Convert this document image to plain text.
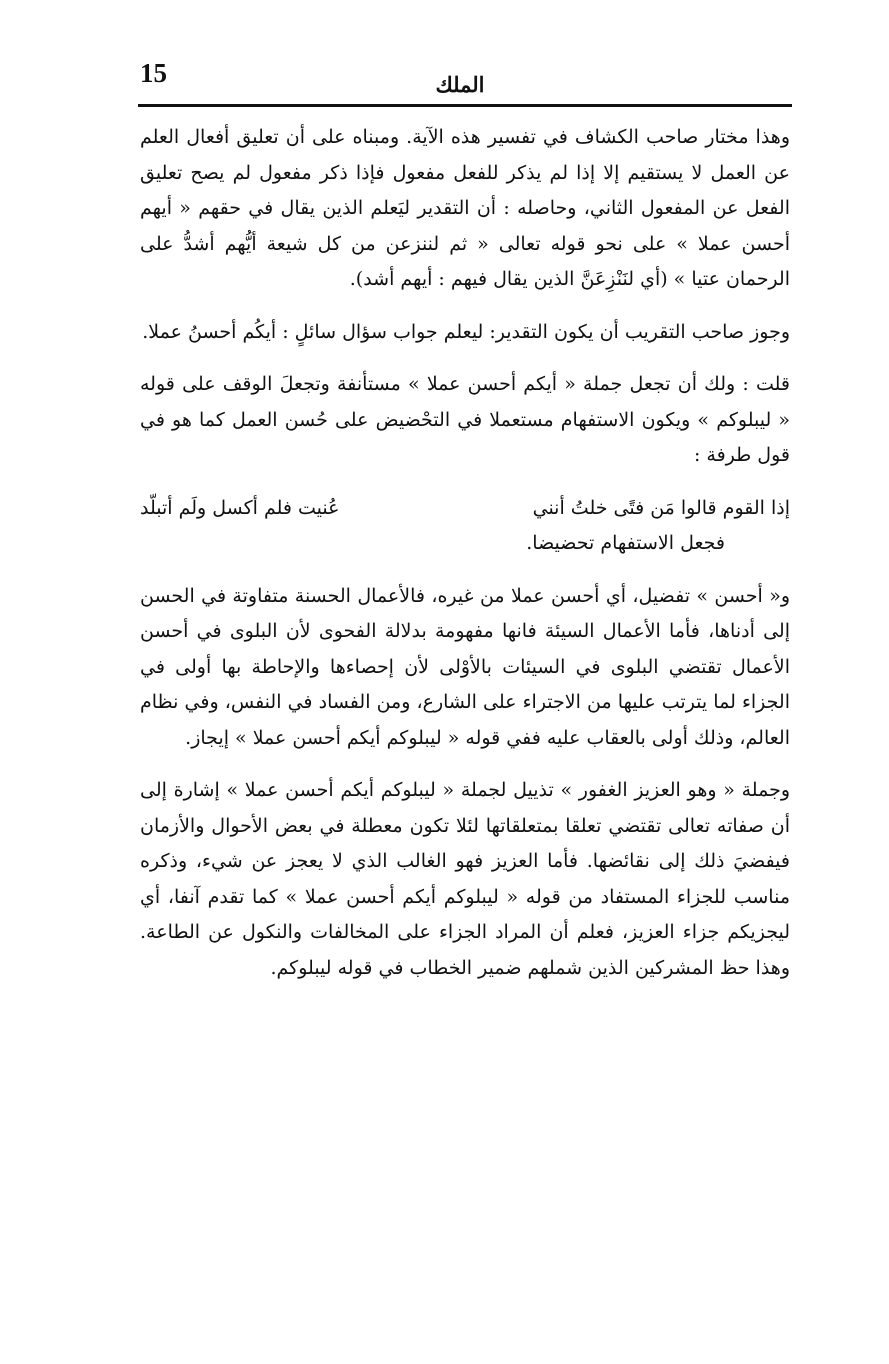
15	الملك

وهذا مختار صاحب الكشاف في تفسير هذه الآية. ومبناه على أن تعليق أفعال العلم عن العمل لا يستقيم إلا إذا لم يذكر للفعل مفعول فإذا ذكر مفعول لم يصح تعليق الفعل عن المفعول الثاني، وحاصله : أن التقدير ليَعلم الذين يقال في حقهم « أيهم أحسن عملا » على نحو قوله تعالى « ثم لننزعن من كل شيعة أيُّهم أشدُّ على الرحمان عتيا » (أي لنَنْزِعَنَّ الذين يقال فيهم : أيهم أشد).

وجوز صاحب التقريب أن يكون التقدير: ليعلم جواب سؤال سائلٍ : أيكُم أحسنُ عملا.

قلت : ولك أن تجعل جملة « أيكم أحسن عملا » مستأنفة وتجعلَ الوقف على قوله « ليبلوكم » ويكون الاستفهام مستعملا في التحْضيض على حُسن العمل كما هو في قول طرفة :

إذا القوم قالوا مَن فتًى خلتُ أنني
عُنيت فلم أكسل ولَم أتبلّد

فجعل الاستفهام تحضيضا.

و« أحسن » تفضيل، أي أحسن عملا من غيره، فالأعمال الحسنة متفاوتة في الحسن إلى أدناها، فأما الأعمال السيئة فانها مفهومة بدلالة الفحوى لأن البلوى في أحسن الأعمال تقتضي البلوى في السيئات بالأوْلى لأن إحصاءها والإحاطة بها أولى في الجزاء لما يترتب عليها من الاجتراء على الشارع، ومن الفساد في النفس، وفي نظام العالم، وذلك أولى بالعقاب عليه ففي قوله « ليبلوكم أيكم أحسن عملا » إيجاز.

وجملة « وهو العزيز الغفور » تذييل لجملة « ليبلوكم أيكم أحسن عملا » إشارة إلى أن صفاته تعالى تقتضي تعلقا بمتعلقاتها لئلا تكون معطلة في بعض الأحوال والأزمان فيفضيَ ذلك إلى نقائضها. فأما العزيز فهو الغالب الذي لا يعجز عن شيء، وذكره مناسب للجزاء المستفاد من قوله « ليبلوكم أيكم أحسن عملا » كما تقدم آنفا، أي ليجزيكم جزاء العزيز، فعلم أن المراد الجزاء على المخالفات والنكول عن الطاعة. وهذا حظ المشركين الذين شملهم ضمير الخطاب في قوله ليبلوكم.
